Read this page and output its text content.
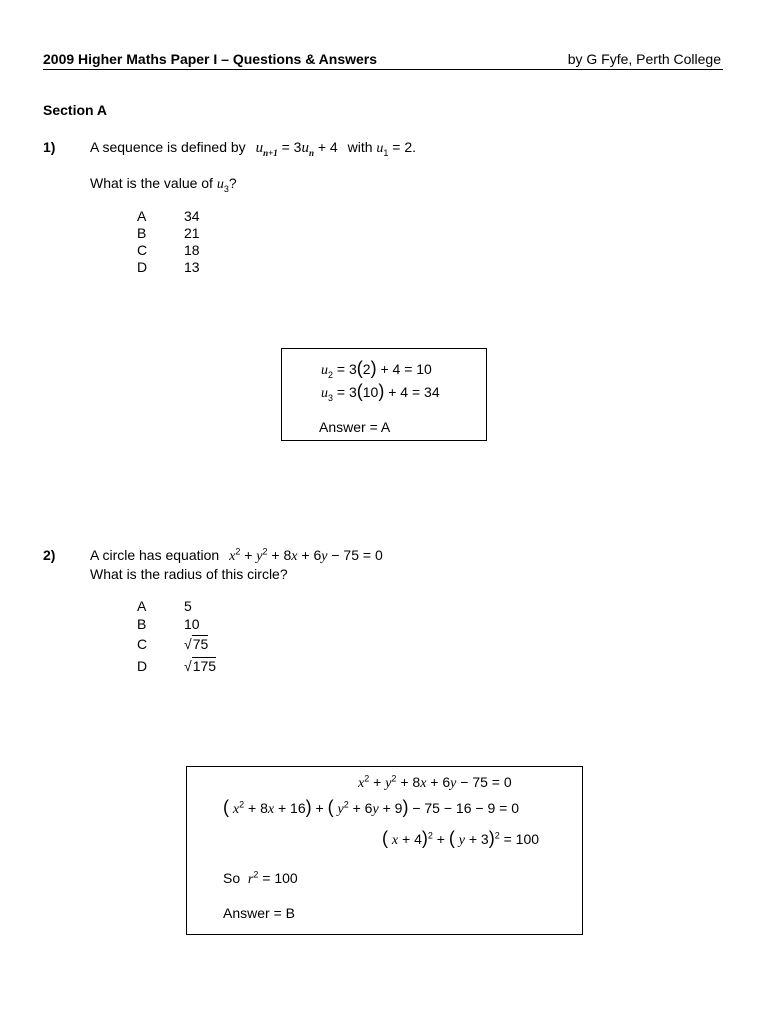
2009 Higher Maths Paper I – Questions & Answers	by G Fyfe, Perth College
Section A
1) A sequence is defined by $u_{n+1} = 3u_n + 4$ with $u_1 = 2$.
What is the value of $u_3$?
A	34
B	21
C	18
D	13
$u_2 = 3(2) + 4 = 10$
$u_3 = 3(10) + 4 = 34$
Answer = A
2) A circle has equation $x^2 + y^2 + 8x + 6y - 75 = 0$
What is the radius of this circle?
A	5
B	10
C	√75
D	√175
$x^2 + y^2 + 8x + 6y - 75 = 0$
( $x^2 + 8x + 16$) + ( $y^2 + 6y + 9) - 75 - 16 - 9 = 0$
( x + 4)$^2$ + ( y + 3)$^2$ = 100
So  $r^2 = 100$
Answer = B
